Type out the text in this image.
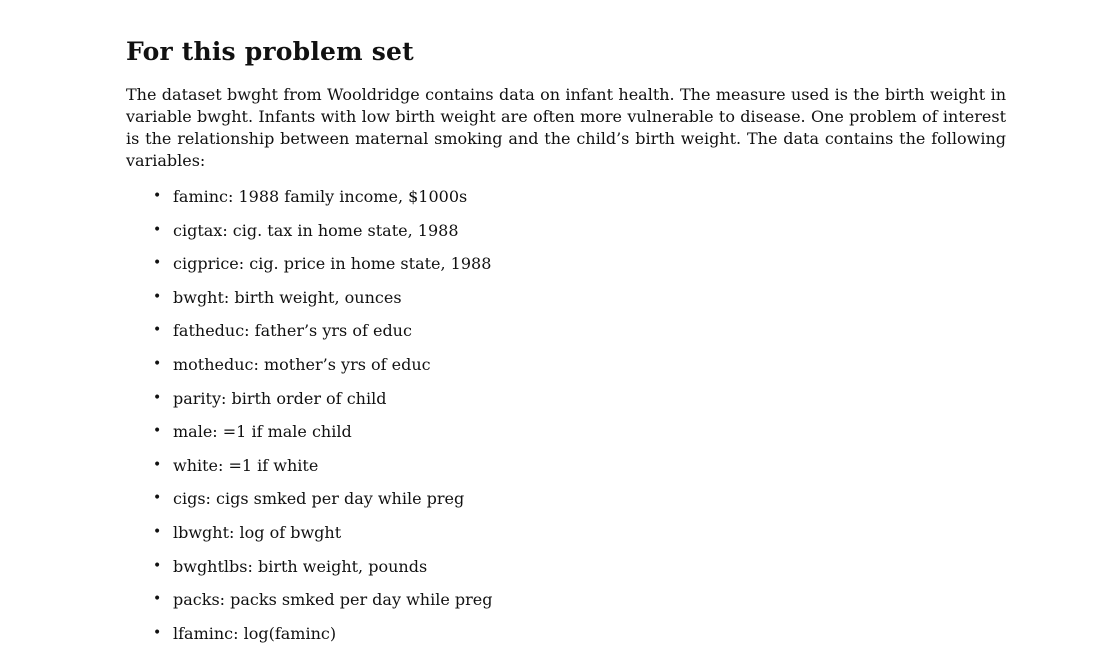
For this problem set

The dataset bwght from Wooldridge contains data on infant health. The measure used is the birth weight in variable bwght. Infants with low birth weight are often more vulnerable to disease. One problem of interest is the relationship between maternal smoking and the child’s birth weight. The data contains the following variables:

• faminc: 1988 family income, $1000s
• cigtax: cig. tax in home state, 1988
• cigprice: cig. price in home state, 1988
• bwght: birth weight, ounces
• fatheduc: father’s yrs of educ
• motheduc: mother’s yrs of educ
• parity: birth order of child
• male: =1 if male child
• white: =1 if white
• cigs: cigs smked per day while preg
• lbwght: log of bwght
• bwghtlbs: birth weight, pounds
• packs: packs smked per day while preg
• lfaminc: log(faminc)
